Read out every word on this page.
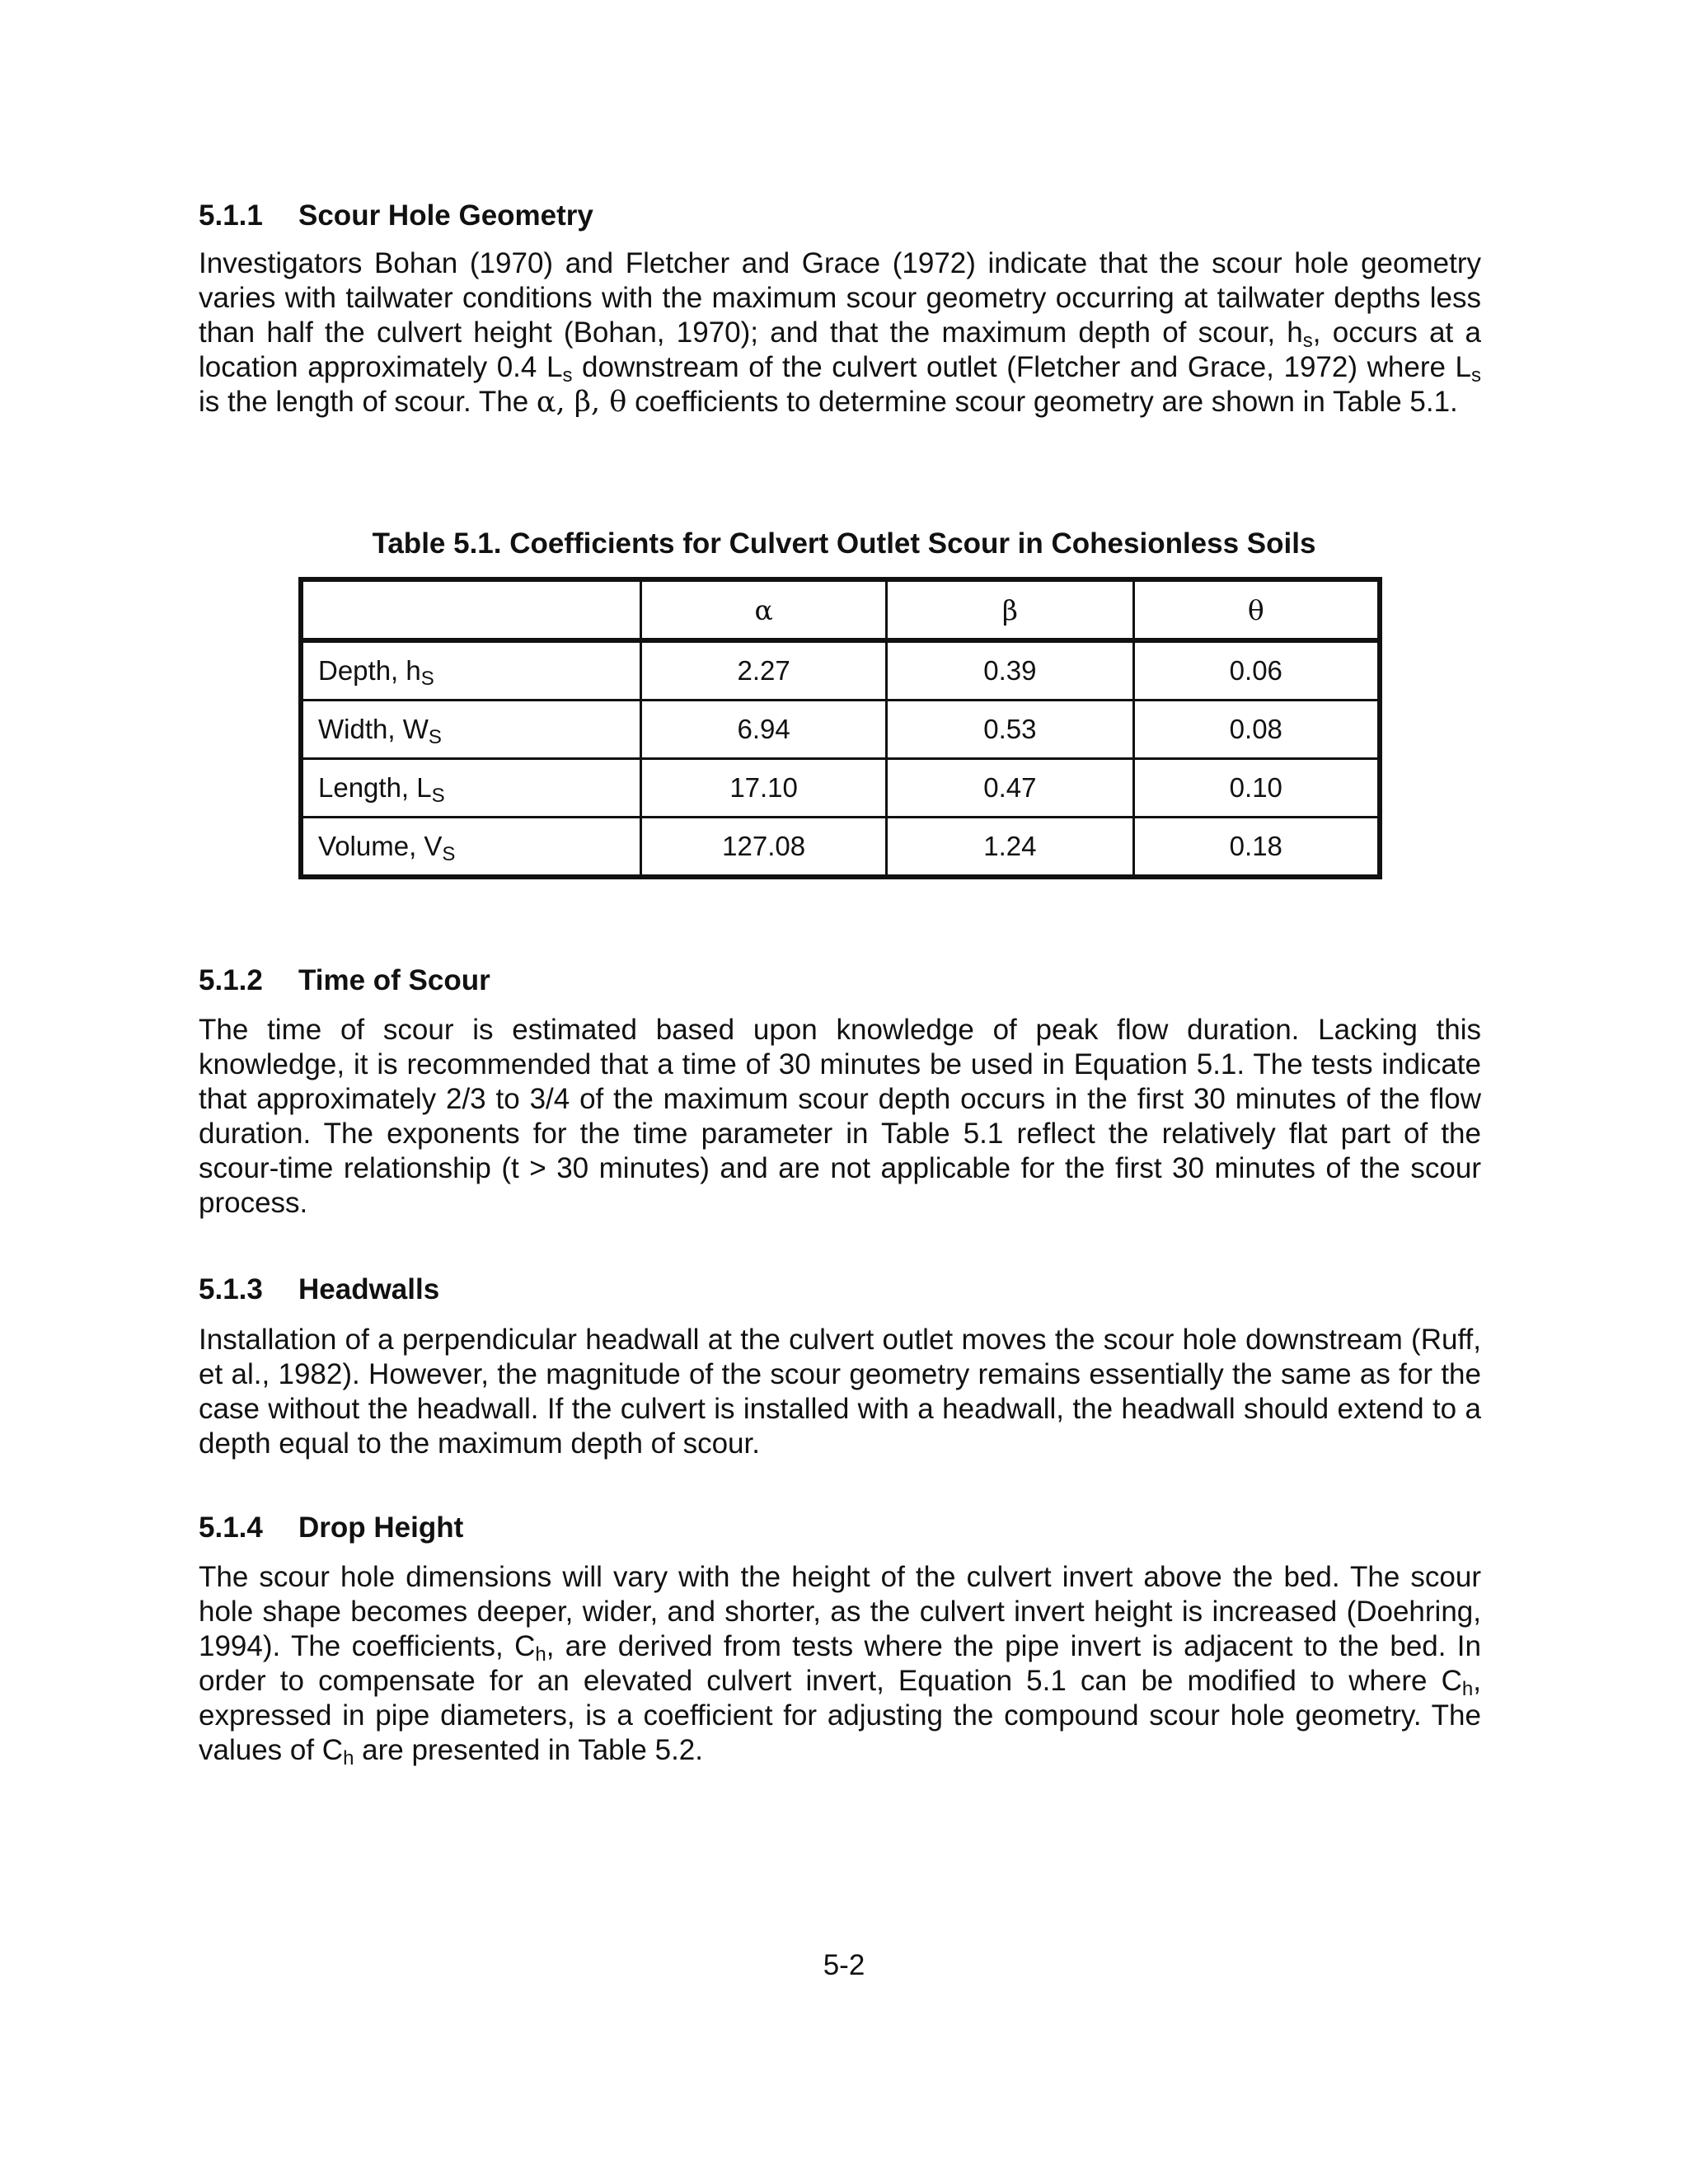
5.1.1 Scour Hole Geometry

Investigators Bohan (1970) and Fletcher and Grace (1972) indicate that the scour hole geometry varies with tailwater conditions with the maximum scour geometry occurring at tailwater depths less than half the culvert height (Bohan, 1970); and that the maximum depth of scour, $h_s$, occurs at a location approximately 0.4 $L_s$ downstream of the culvert outlet (Fletcher and Grace, 1972) where $L_s$ is the length of scour. The α, β, θ coefficients to determine scour geometry are shown in Table 5.1.

Table 5.1. Coefficients for Culvert Outlet Scour in Cohesionless Soils
	α	β	θ
Depth, $h_S$	2.27	0.39	0.06
Width, $W_S$	6.94	0.53	0.08
Length, $L_S$	17.10	0.47	0.10
Volume, $V_S$	127.08	1.24	0.18
5.1.2 Time of Scour

The time of scour is estimated based upon knowledge of peak flow duration. Lacking this knowledge, it is recommended that a time of 30 minutes be used in Equation 5.1. The tests indicate that approximately 2/3 to 3/4 of the maximum scour depth occurs in the first 30 minutes of the flow duration. The exponents for the time parameter in Table 5.1 reflect the relatively flat part of the scour-time relationship (t > 30 minutes) and are not applicable for the first 30 minutes of the scour process.

5.1.3 Headwalls

Installation of a perpendicular headwall at the culvert outlet moves the scour hole downstream (Ruff, et al., 1982). However, the magnitude of the scour geometry remains essentially the same as for the case without the headwall. If the culvert is installed with a headwall, the headwall should extend to a depth equal to the maximum depth of scour.

5.1.4 Drop Height

The scour hole dimensions will vary with the height of the culvert invert above the bed. The scour hole shape becomes deeper, wider, and shorter, as the culvert invert height is increased (Doehring, 1994). The coefficients, $C_h$, are derived from tests where the pipe invert is adjacent to the bed. In order to compensate for an elevated culvert invert, Equation 5.1 can be modified to where $C_h$, expressed in pipe diameters, is a coefficient for adjusting the compound scour hole geometry. The values of $C_h$ are presented in Table 5.2.

5-2
